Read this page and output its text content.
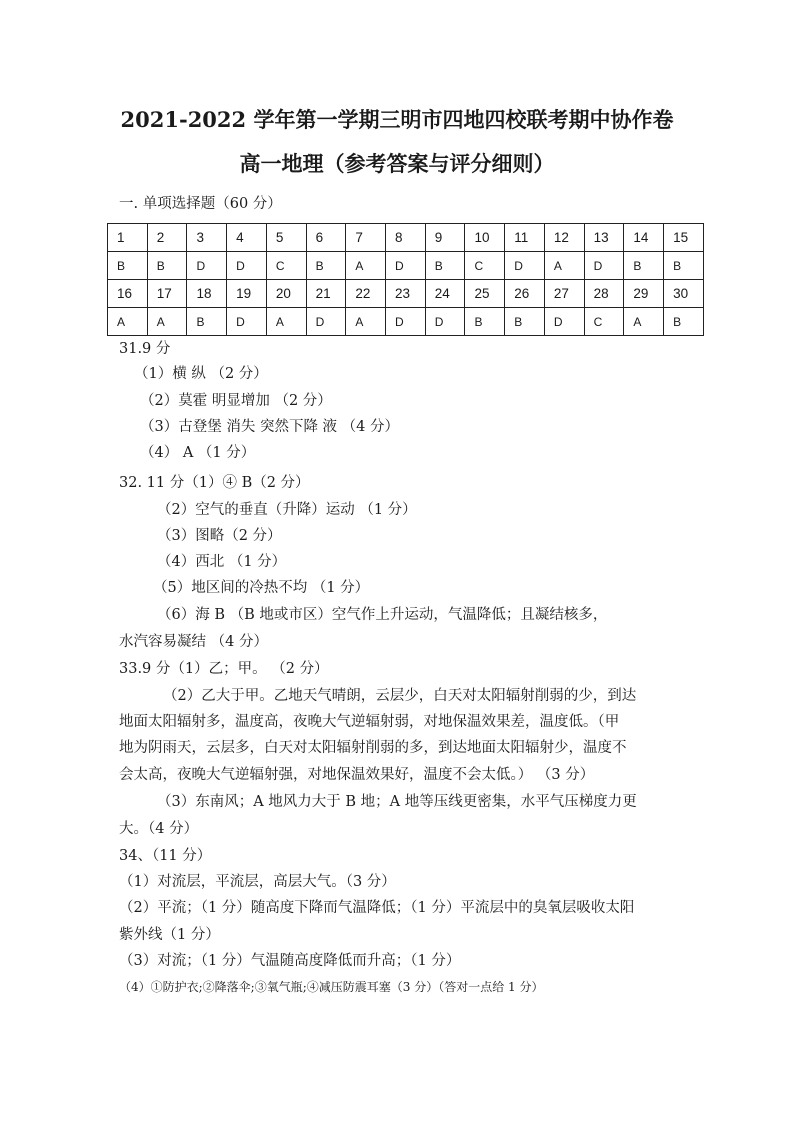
2021-2022 学年第一学期三明市四地四校联考期中协作卷
高一地理（参考答案与评分细则）
一. 单项选择题（60 分）
1	2	3	4	5	6	7	8	9	10	11	12	13	14	15
B	B	D	D	C	B	A	D	B	C	D	A	D	B	B
16	17	18	19	20	21	22	23	24	25	26	27	28	29	30
A	A	B	D	A	D	A	D	D	B	B	D	C	A	B
31.9 分
（1）横 纵 （2 分）
（2）莫霍 明显增加 （2 分）
（3）古登堡 消失 突然下降 液 （4 分）
（4） A （1 分）
32. 11 分（1）④ B（2 分）
（2）空气的垂直（升降）运动 （1 分）
（3）图略（2 分）
（4）西北 （1 分）
（5）地区间的冷热不均 （1 分）
（6）海 B （B 地或市区）空气作上升运动，气温降低；且凝结核多，
水汽容易凝结 （4 分）
33.9 分（1）乙；甲。 （2 分）
（2）乙大于甲。乙地天气晴朗，云层少，白天对太阳辐射削弱的少，到达
地面太阳辐射多，温度高，夜晚大气逆辐射弱，对地保温效果差，温度低。（甲
地为阴雨天，云层多，白天对太阳辐射削弱的多，到达地面太阳辐射少，温度不
会太高，夜晚大气逆辐射强，对地保温效果好，温度不会太低。） （3 分）
（3）东南风；A 地风力大于 B 地；A 地等压线更密集，水平气压梯度力更
大。（4 分）
34、（11 分）
（1）对流层，平流层，高层大气。（3 分）
（2）平流；（1 分）随高度下降而气温降低；（1 分）平流层中的臭氧层吸收太阳
紫外线（1 分）
（3）对流；（1 分）气温随高度降低而升高；（1 分）
（4）①防护衣;②降落伞;③氧气瓶;④减压防震耳塞（3 分）（答对一点给 1 分）
